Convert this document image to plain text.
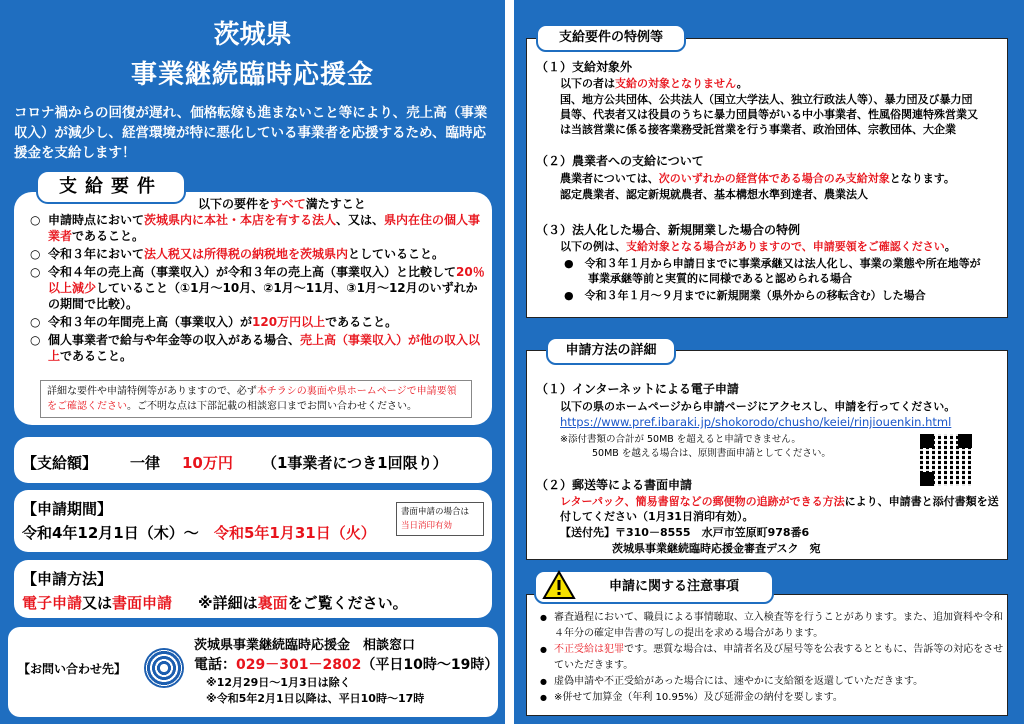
茨城県
事業継続臨時応援金
コロナ禍からの回復が遅れ、価格転嫁も進まないこと等により、売上高（事業収入）が減少し、経営環境が特に悪化している事業者を応援するため、臨時応援金を支給します！
支給要件
以下の要件をすべて満たすこと
○ 申請時点において茨城県内に本社・本店を有する法人、又は、県内在住の個人事業者であること。
○ 令和３年において法人税又は所得税の納税地を茨城県内としていること。
○ 令和４年の売上高（事業収入）が令和３年の売上高（事業収入）と比較して20％以上減少していること（①1月～10月、②1月～11月、③1月～12月のいずれかの期間で比較）。
○ 令和３年の年間売上高（事業収入）が120万円以上であること。
○ 個人事業者で給与や年金等の収入がある場合、売上高（事業収入）が他の収入以上であること。
詳細な要件や申請特例等がありますので、必ず本チラシの裏面や県ホームページで申請要領をご確認ください。ご不明な点は下部記載の相談窓口までお問い合わせください。
【支給額】 一律 10万円 （1事業者につき1回限り）
【申請期間】
令和4年12月1日（木）～ 令和5年1月31日（火）
書面申請の場合は
当日消印有効
【申請方法】
電子申請又は書面申請 ※詳細は裏面をご覧ください。
【お問い合わせ先】
茨城県事業継続臨時応援金　相談窓口
電話：029－301－2802（平日10時～19時）
※12月29日～1月3日は除く
※令和5年2月1日以降は、平日10時～17時
支給要件の特例等
（１）支給対象外
以下の者は支給の対象となりません。
国、地方公共団体、公共法人（国立大学法人、独立行政法人等）、暴力団及び暴力団
員等、代表者又は役員のうちに暴力団員等がいる中小事業者、性風俗関連特殊営業又
は当該営業に係る接客業務受託営業を行う事業者、政治団体、宗教団体、大企業
（２）農業者への支給について
農業者については、次のいずれかの経営体である場合のみ支給対象となります。
認定農業者、認定新規就農者、基本構想水準到達者、農業法人
（３）法人化した場合、新規開業した場合の特例
以下の例は、支給対象となる場合がありますので、申請要領をご確認ください。
●　令和３年１月から申請日までに事業承継又は法人化し、事業の業態や所在地等が
事業承継等前と実質的に同様であると認められる場合
●　令和３年１月～９月までに新規開業（県外からの移転含む）した場合
申請方法の詳細
（１）インターネットによる電子申請
以下の県のホームページから申請ページにアクセスし、申請を行ってください。
https://www.pref.ibaraki.jp/shokorodo/chusho/keiei/rinjiouenkin.html
※添付書類の合計が 50MB を超えると申請できません。
50MB を越える場合は、原則書面申請としてください。
（２）郵送等による書面申請
レターパック、簡易書留などの郵便物の追跡ができる方法により、申請書と添付書類を送
付してください（1月31日消印有効）。
【送付先】〒310－8555　水戸市笠原町978番6
茨城県事業継続臨時応援金審査デスク　宛
申請に関する注意事項
● 審査過程において、職員による事情聴取、立入検査等を行うことがあります。また、追加資料や令和４年分の確定申告書の写しの提出を求める場合があります。
● 不正受給は犯罪です。悪質な場合は、申請者名及び屋号等を公表するとともに、告訴等の対応をさせていただきます。
● 虚偽申請や不正受給があった場合には、速やかに支給額を返還していただきます。
● ※併せて加算金（年利 10.95%）及び延滞金の納付を要します。
